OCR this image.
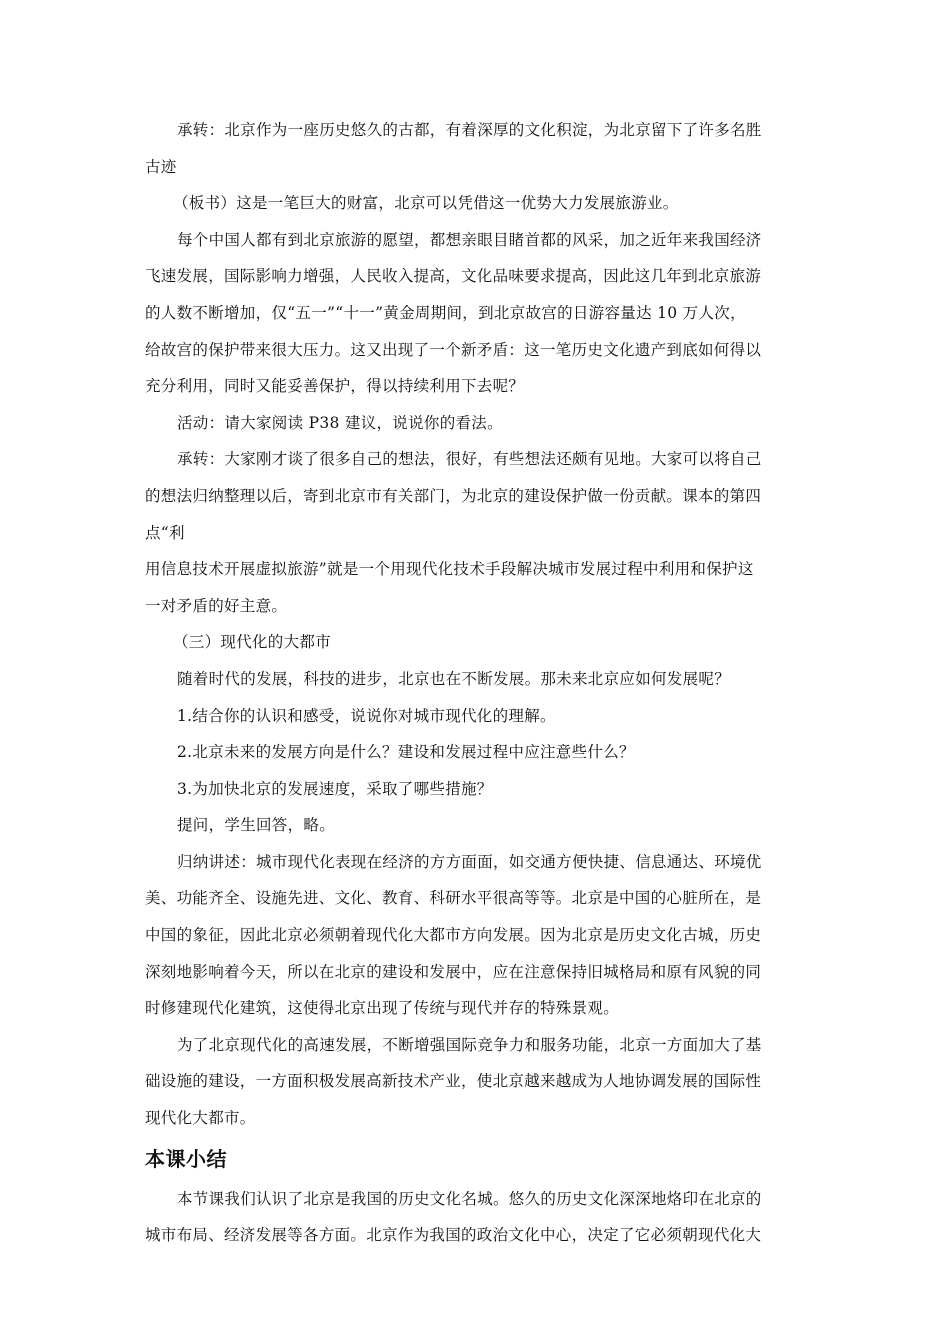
承转：北京作为一座历史悠久的古都，有着深厚的文化积淀，为北京留下了许多名胜
古迹
（板书）这是一笔巨大的财富，北京可以凭借这一优势大力发展旅游业。
每个中国人都有到北京旅游的愿望，都想亲眼目睹首都的风采，加之近年来我国经济
飞速发展，国际影响力增强，人民收入提高，文化品味要求提高，因此这几年到北京旅游
的人数不断增加，仅“五一”“十一”黄金周期间，到北京故宫的日游容量达 10 万人次，
给故宫的保护带来很大压力。这又出现了一个新矛盾：这一笔历史文化遗产到底如何得以
充分利用，同时又能妥善保护，得以持续利用下去呢？
活动：请大家阅读 P38 建议，说说你的看法。
承转：大家刚才谈了很多自己的想法，很好，有些想法还颇有见地。大家可以将自己
的想法归纳整理以后，寄到北京市有关部门，为北京的建设保护做一份贡献。课本的第四
点“利
用信息技术开展虚拟旅游”就是一个用现代化技术手段解决城市发展过程中利用和保护这
一对矛盾的好主意。
（三）现代化的大都市
随着时代的发展，科技的进步，北京也在不断发展。那未来北京应如何发展呢？
1.结合你的认识和感受，说说你对城市现代化的理解。
2.北京未来的发展方向是什么？建设和发展过程中应注意些什么？
3.为加快北京的发展速度，采取了哪些措施？
提问，学生回答，略。
归纳讲述：城市现代化表现在经济的方方面面，如交通方便快捷、信息通达、环境优
美、功能齐全、设施先进、文化、教育、科研水平很高等等。北京是中国的心脏所在，是
中国的象征，因此北京必须朝着现代化大都市方向发展。因为北京是历史文化古城，历史
深刻地影响着今天，所以在北京的建设和发展中，应在注意保持旧城格局和原有风貌的同
时修建现代化建筑，这使得北京出现了传统与现代并存的特殊景观。
为了北京现代化的高速发展，不断增强国际竞争力和服务功能，北京一方面加大了基
础设施的建设，一方面积极发展高新技术产业，使北京越来越成为人地协调发展的国际性
现代化大都市。
本课小结
本节课我们认识了北京是我国的历史文化名城。悠久的历史文化深深地烙印在北京的
城市布局、经济发展等各方面。北京作为我国的政治文化中心，决定了它必须朝现代化大
